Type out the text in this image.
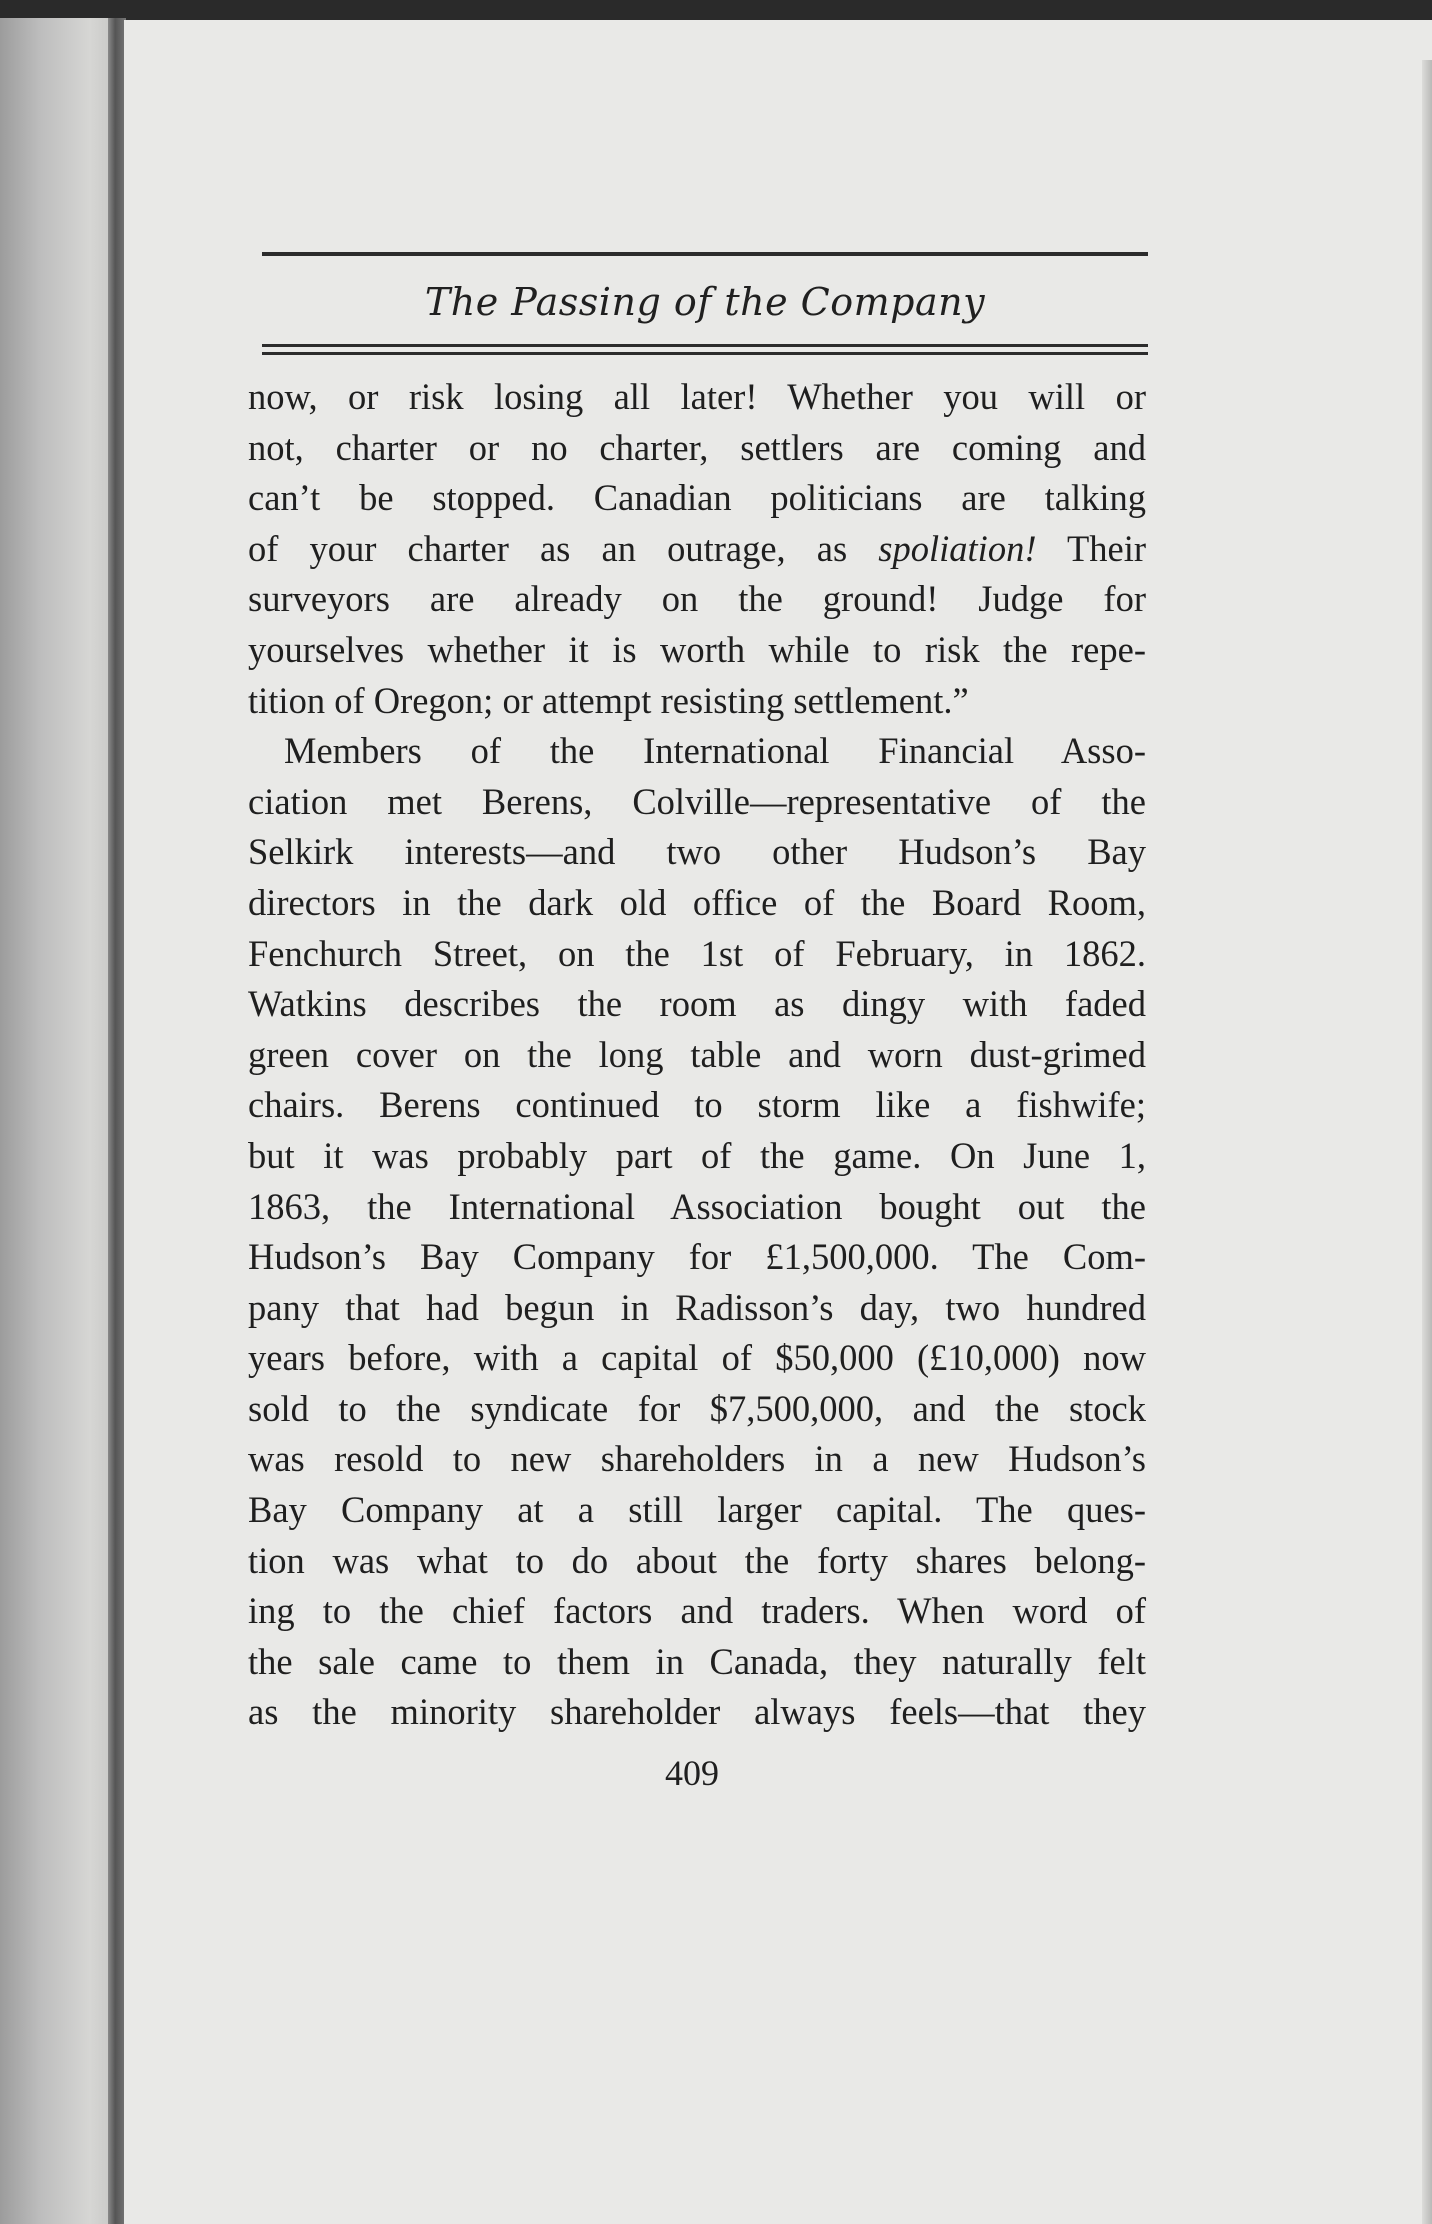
The Passing of the Company
now, or risk losing all later! Whether you will or
not, charter or no charter, settlers are coming and
can’t be stopped. Canadian politicians are talking
of your charter as an outrage, as spoliation! Their
surveyors are already on the ground! Judge for
yourselves whether it is worth while to risk the repe-
tition of Oregon; or attempt resisting settlement.”
Members of the International Financial Asso-
ciation met Berens, Colville—representative of the
Selkirk interests—and two other Hudson’s Bay
directors in the dark old office of the Board Room,
Fenchurch Street, on the 1st of February, in 1862.
Watkins describes the room as dingy with faded
green cover on the long table and worn dust-grimed
chairs. Berens continued to storm like a fishwife;
but it was probably part of the game. On June 1,
1863, the International Association bought out the
Hudson’s Bay Company for £1,500,000. The Com-
pany that had begun in Radisson’s day, two hundred
years before, with a capital of $50,000 (£10,000) now
sold to the syndicate for $7,500,000, and the stock
was resold to new shareholders in a new Hudson’s
Bay Company at a still larger capital. The ques-
tion was what to do about the forty shares belong-
ing to the chief factors and traders. When word of
the sale came to them in Canada, they naturally felt
as the minority shareholder always feels—that they
409
